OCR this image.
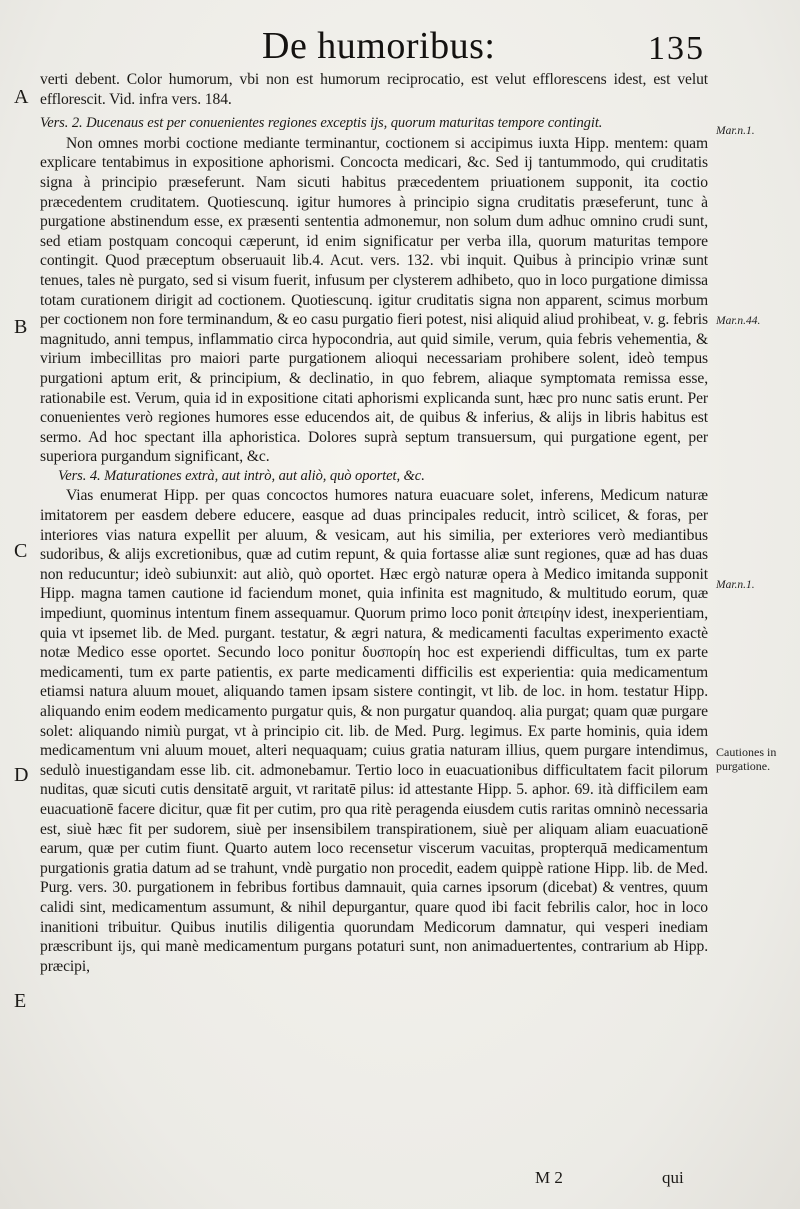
De humoribus:	135
A
B
C
D
E
Mar.n.1.
Mar.n.44.
Mar.n.1.
Cautiones in purgatione.

verti debent. Color humorum, vbi non est humorum reciprocatio, est velut efflorescens idest, est velut efflorescit. Vid. infra vers. 184.

Vers. 2. Ducenaus est per conuenientes regiones exceptis ijs, quorum maturitas tempore contingit.

Non omnes morbi coctione mediante terminantur, coctionem si accipimus iuxta Hipp. mentem: quam explicare tentabimus in expositione aphorismi. Concocta medicari, &c. Sed ij tantummodo, qui cruditatis signa à principio præseferunt. Nam sicuti habitus præcedentem priuationem supponit, ita coctio præcedentem cruditatem. Quotiescunq. igitur humores à principio signa cruditatis præseferunt, tunc à purgatione abstinendum esse, ex præsenti sententia admonemur, non solum dum adhuc omnino crudi sunt, sed etiam postquam concoqui cæperunt, id enim significatur per verba illa, quorum maturitas tempore contingit. Quod præceptum obseruauit lib.4. Acut. vers. 132. vbi inquit. Quibus à principio vrinæ sunt tenues, tales nè purgato, sed si visum fuerit, infusum per clysterem adhibeto, quo in loco purgatione dimissa totam curationem dirigit ad coctionem. Quotiescunq. igitur cruditatis signa non apparent, scimus morbum per coctionem non fore terminandum, & eo casu purgatio fieri potest, nisi aliquid aliud prohibeat, v. g. febris magnitudo, anni tempus, inflammatio circa hypocondria, aut quid simile, verum, quia febris vehementia, & virium imbecillitas pro maiori parte purgationem alioqui necessariam prohibere solent, ideò tempus purgationi aptum erit, & principium, & declinatio, in quo febrem, aliaque symptomata remissa esse, rationabile est. Verum, quia id in expositione citati aphorismi explicanda sunt, hæc pro nunc satis erunt. Per conuenientes verò regiones humores esse educendos ait, de quibus & inferius, & alijs in libris habitus est sermo. Ad hoc spectant illa aphoristica. Dolores suprà septum transuersum, qui purgatione egent, per superiora purgandum significant, &c.

Vers. 4. Maturationes extrà, aut intrò, aut aliò, quò oportet, &c.

Vias enumerat Hipp. per quas concoctos humores natura euacuare solet, inferens, Medicum naturæ imitatorem per easdem debere educere, easque ad duas principales reducit, intrò scilicet, & foras, per interiores vias natura expellit per aluum, & vesicam, aut his similia, per exteriores verò mediantibus sudoribus, & alijs excretionibus, quæ ad cutim repunt, & quia fortasse aliæ sunt regiones, quæ ad has duas non reducuntur; ideò subiunxit: aut aliò, quò oportet. Hæc ergò naturæ opera à Medico imitanda supponit Hipp. magna tamen cautione id faciendum monet, quia infinita est magnitudo, & multitudo eorum, quæ impediunt, quominus intentum finem assequamur. Quorum primo loco ponit ἀπειρίην idest, inexperientiam, quia vt ipsemet lib. de Med. purgant. testatur, & ægri natura, & medicamenti facultas experimento exactè notæ Medico esse oportet. Secundo loco ponitur δυσπορίη hoc est experiendi difficultas, tum ex parte medicamenti, tum ex parte patientis, ex parte medicamenti difficilis est experientia: quia medicamentum etiamsi natura aluum mouet, aliquando tamen ipsam sistere contingit, vt lib. de loc. in hom. testatur Hipp. aliquando enim eodem medicamento purgatur quis, & non purgatur quandoq. alia purgat; quam quæ purgare solet: aliquando nimiù purgat, vt à principio cit. lib. de Med. Purg. legimus. Ex parte hominis, quia idem medicamentum vni aluum mouet, alteri nequaquam; cuius gratia naturam illius, quem purgare intendimus, sedulò inuestigandam esse lib. cit. admonebamur. Tertio loco in euacuationibus difficultatem facit pilorum nuditas, quæ sicuti cutis densitatē arguit, vt raritatē pilus: id attestante Hipp. 5. aphor. 69. ità difficilem eam euacuationē facere dicitur, quæ fit per cutim, pro qua ritè peragenda eiusdem cutis raritas omninò necessaria est, siuè hæc fit per sudorem, siuè per insensibilem transpirationem, siuè per aliquam aliam euacuationē earum, quæ per cutim fiunt. Quarto autem loco recensetur viscerum vacuitas, propterquā medicamentum purgationis gratia datum ad se trahunt, vndè purgatio non procedit, eadem quippè ratione Hipp. lib. de Med. Purg. vers. 30. purgationem in febribus fortibus damnauit, quia carnes ipsorum (dicebat) & ventres, quum calidi sint, medicamentum assumunt, & nihil depurgantur, quare quod ibi facit febrilis calor, hoc in loco inanitioni tribuitur. Quibus inutilis diligentia quorundam Medicorum damnatur, qui vesperi inediam præscribunt ijs, qui manè medicamentum purgans potaturi sunt, non animaduertentes, contrarium ab Hipp. præcipi,

M 2	qui
